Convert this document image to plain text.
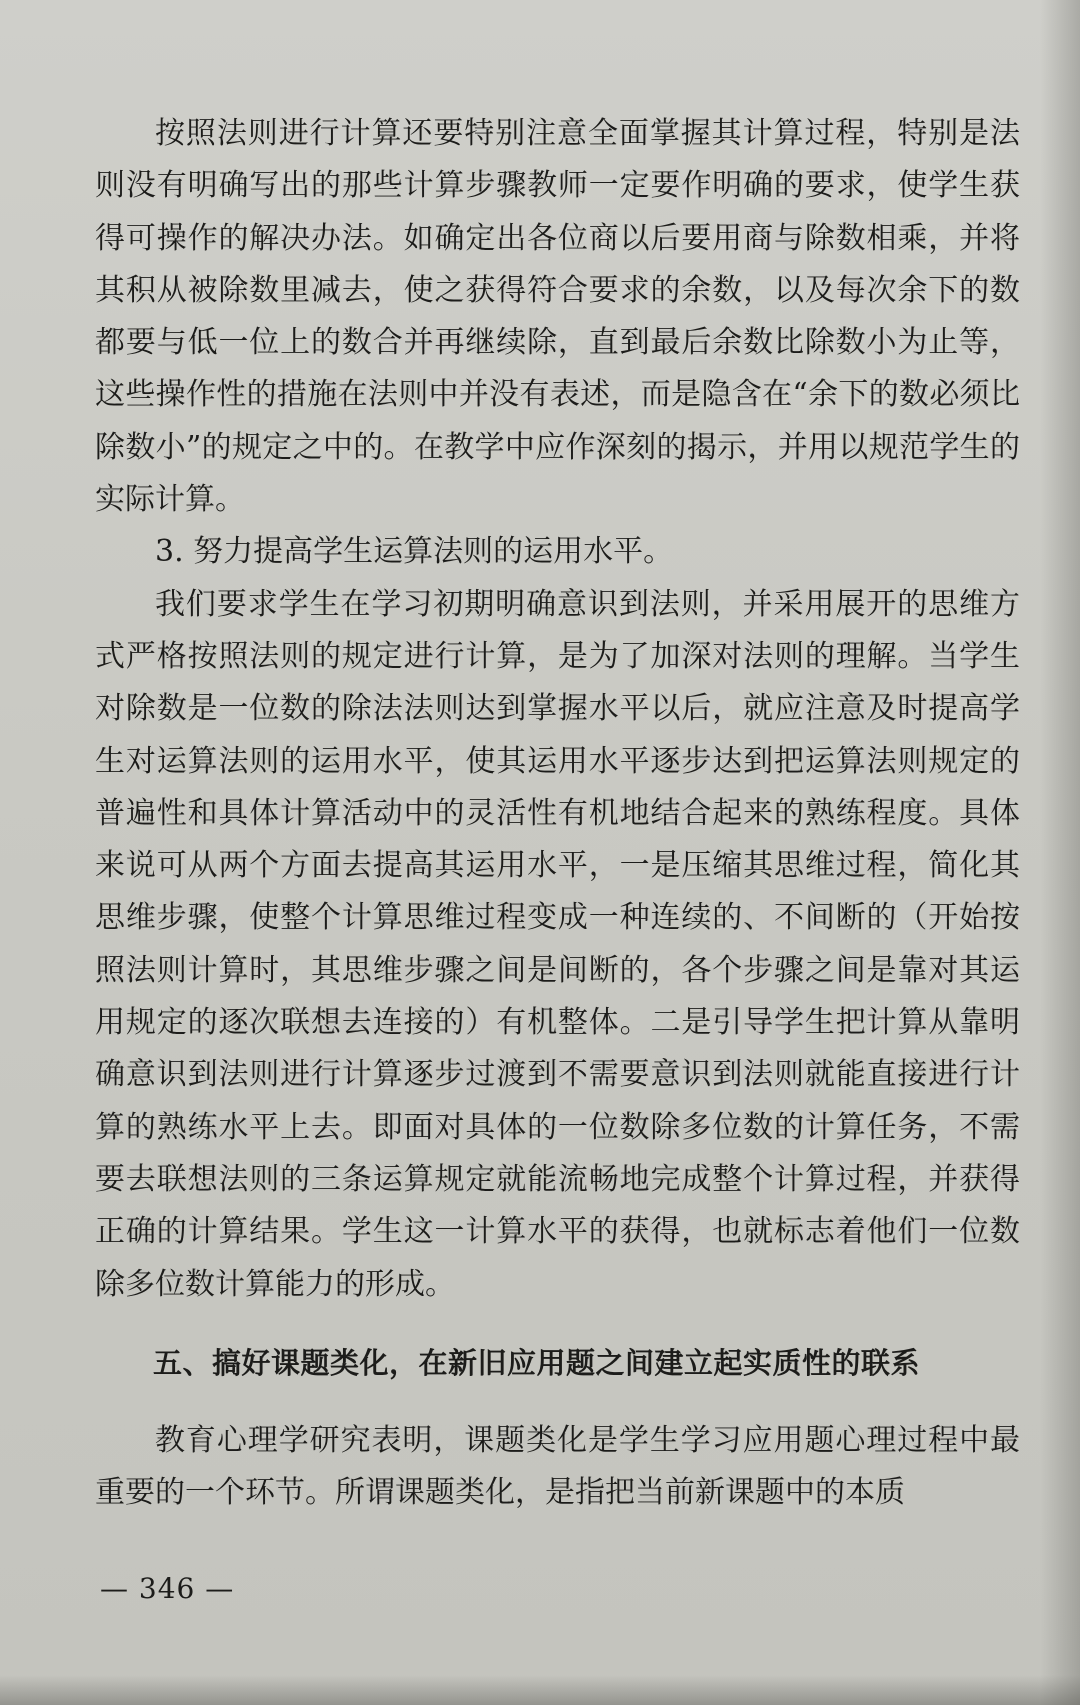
按照法则进行计算还要特别注意全面掌握其计算过程，特别是法则没有明确写出的那些计算步骤教师一定要作明确的要求，使学生获得可操作的解决办法。如确定出各位商以后要用商与除数相乘，并将其积从被除数里减去，使之获得符合要求的余数，以及每次余下的数都要与低一位上的数合并再继续除，直到最后余数比除数小为止等，这些操作性的措施在法则中并没有表述，而是隐含在“余下的数必须比除数小”的规定之中的。在教学中应作深刻的揭示，并用以规范学生的实际计算。

3. 努力提高学生运算法则的运用水平。

我们要求学生在学习初期明确意识到法则，并采用展开的思维方式严格按照法则的规定进行计算，是为了加深对法则的理解。当学生对除数是一位数的除法法则达到掌握水平以后，就应注意及时提高学生对运算法则的运用水平，使其运用水平逐步达到把运算法则规定的普遍性和具体计算活动中的灵活性有机地结合起来的熟练程度。具体来说可从两个方面去提高其运用水平，一是压缩其思维过程，简化其思维步骤，使整个计算思维过程变成一种连续的、不间断的（开始按照法则计算时，其思维步骤之间是间断的，各个步骤之间是靠对其运用规定的逐次联想去连接的）有机整体。二是引导学生把计算从靠明确意识到法则进行计算逐步过渡到不需要意识到法则就能直接进行计算的熟练水平上去。即面对具体的一位数除多位数的计算任务，不需要去联想法则的三条运算规定就能流畅地完成整个计算过程，并获得正确的计算结果。学生这一计算水平的获得，也就标志着他们一位数除多位数计算能力的形成。

五、搞好课题类化，在新旧应用题之间建立起实质性的联系

教育心理学研究表明，课题类化是学生学习应用题心理过程中最重要的一个环节。所谓课题类化，是指把当前新课题中的本质

— 346 —
